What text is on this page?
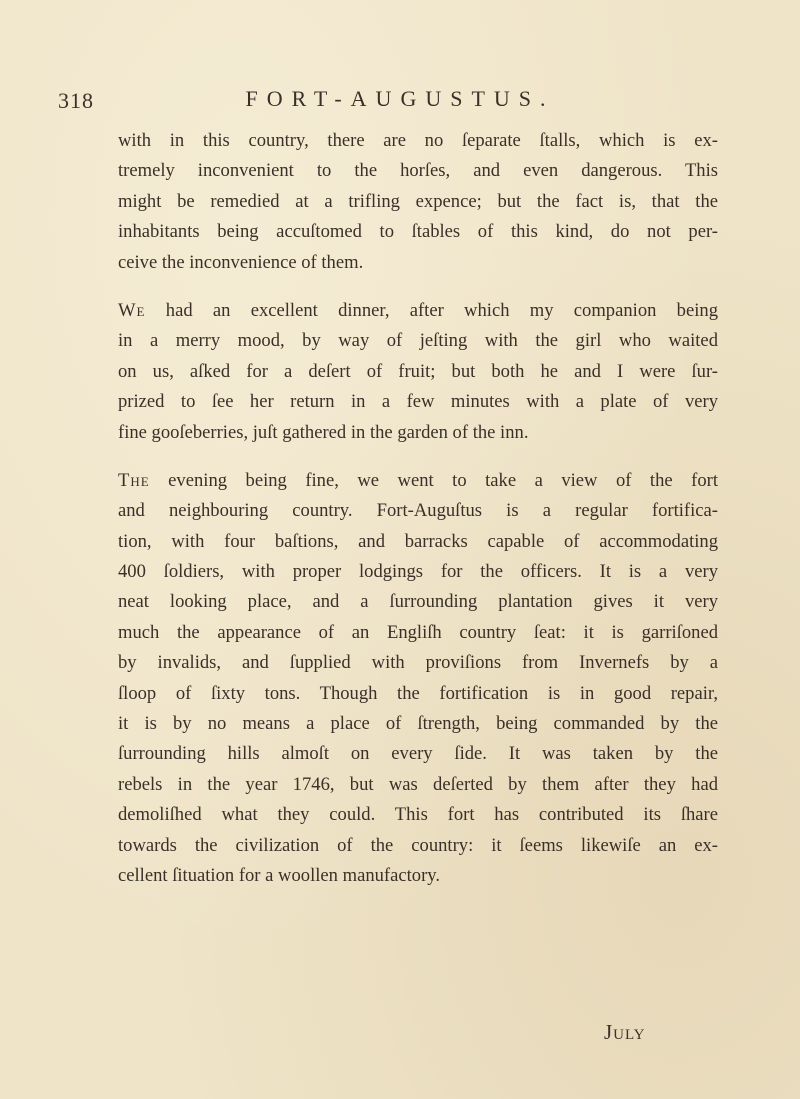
318	FORT-AUGUSTUS.
with in this country, there are no ſeparate ſtalls, which is ex-
tremely inconvenient to the horſes, and even dangerous. This
might be remedied at a trifling expence; but the fact is, that the
inhabitants being accuſtomed to ſtables of this kind, do not per-
ceive the inconvenience of them.
We had an excellent dinner, after which my companion being
in a merry mood, by way of jeſting with the girl who waited
on us, aſked for a deſert of fruit; but both he and I were ſur-
prized to ſee her return in a few minutes with a plate of very
fine gooſeberries, juſt gathered in the garden of the inn.
The evening being fine, we went to take a view of the fort
and neighbouring country. Fort-Auguſtus is a regular fortifica-
tion, with four baſtions, and barracks capable of accommodating
400 ſoldiers, with proper lodgings for the officers. It is a very
neat looking place, and a ſurrounding plantation gives it very
much the appearance of an Engliſh country ſeat: it is garriſoned
by invalids, and ſupplied with proviſions from Invernefs by a
ſloop of ſixty tons. Though the fortification is in good repair,
it is by no means a place of ſtrength, being commanded by the
ſurrounding hills almoſt on every ſide. It was taken by the
rebels in the year 1746, but was deſerted by them after they had
demoliſhed what they could. This fort has contributed its ſhare
towards the civilization of the country: it ſeems likewiſe an ex-
cellent ſituation for a woollen manufactory.
July
